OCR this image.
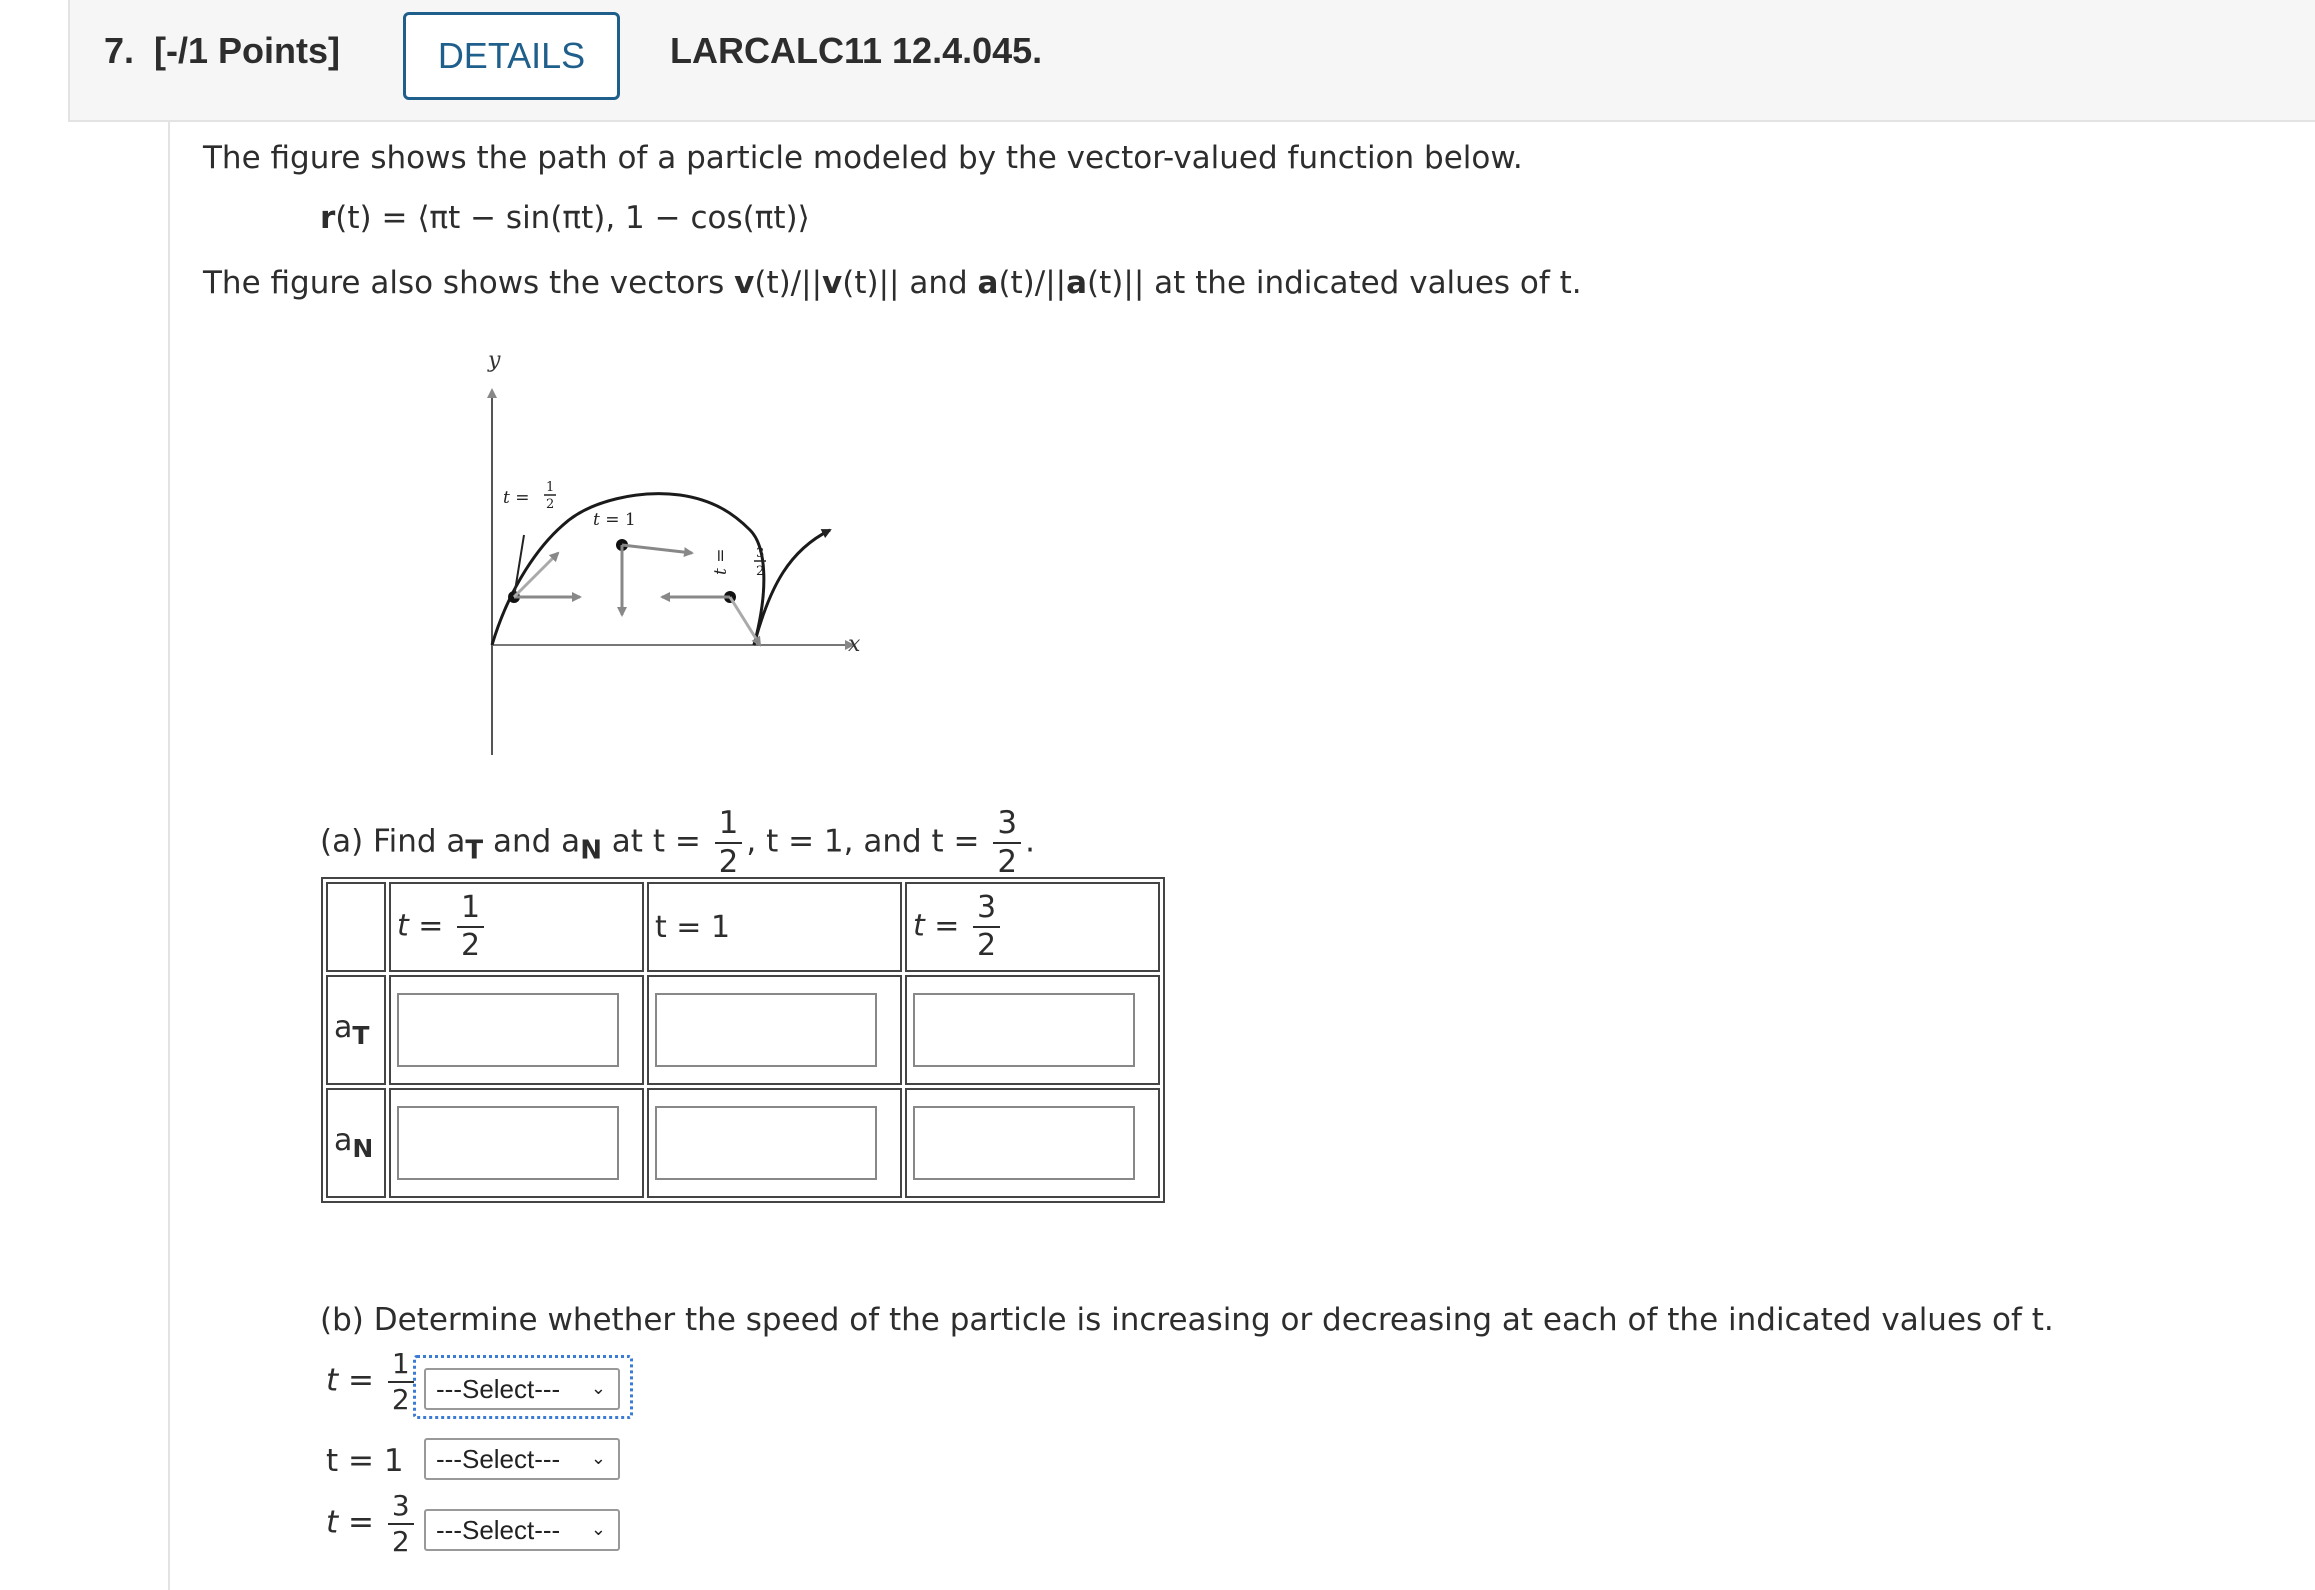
7. [-/1 Points]	DETAILS	LARCALC11 12.4.045.
The figure shows the path of a particle modeled by the vector-valued function below.
r(t) = ⟨πt − sin(πt), 1 − cos(πt)⟩
The figure also shows the vectors v(t)/||v(t)|| and a(t)/||a(t)|| at the indicated values of t.
y
x
t =
1
2
t = 1
t = 3
2
(a) Find $a_T$ and $a_N$ at $t = \frac{1}{2}$ , t = 1, and $t = \frac{3}{2}$ .
	$t = \frac{1}{2}$	t = 1	$t = \frac{3}{2}$

$a_T$	

$a_N$	

(b) Determine whether the speed of the particle is increasing or decreasing at each of the indicated values of t.
$t = \frac{1}{2}$ ---Select--- ⌄
t = 1 ---Select--- ⌄
$t = \frac{3}{2}$ ---Select--- ⌄
